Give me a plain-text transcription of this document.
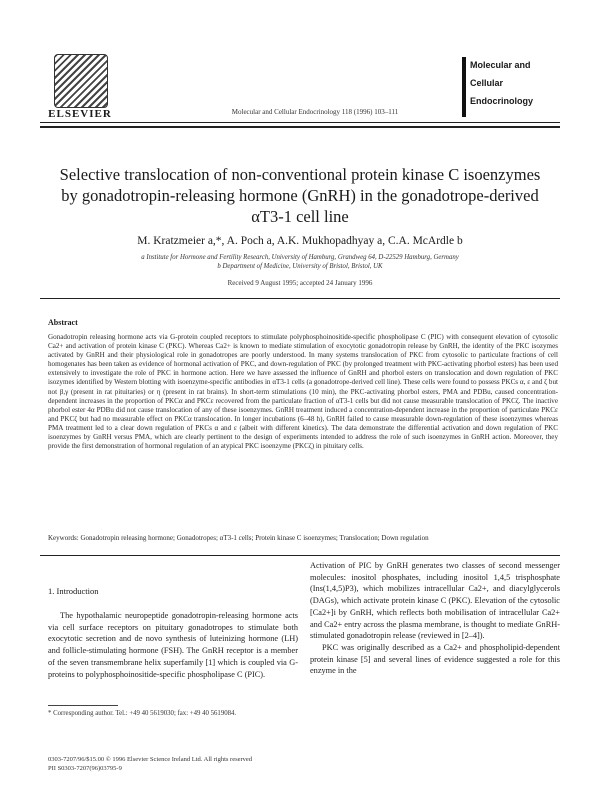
ELSEVIER	Molecular and Cellular Endocrinology 118 (1996) 103–111
Molecular and
Cellular
Endocrinology
Selective translocation of non-conventional protein kinase C isoenzymes by gonadotropin-releasing hormone (GnRH) in the gonadotrope-derived αT3-1 cell line
M. Kratzmeier a,*, A. Poch a, A.K. Mukhopadhyay a, C.A. McArdle b
a Institute for Hormone and Fertility Research, University of Hamburg, Grandweg 64, D-22529 Hamburg, Germany
b Department of Medicine, University of Bristol, Bristol, UK
Received 9 August 1995; accepted 24 January 1996
Abstract
Gonadotropin releasing hormone acts via G-protein coupled receptors to stimulate polyphosphoinositide-specific phospholipase C (PIC) with consequent elevation of cytosolic Ca2+ and activation of protein kinase C (PKC). Whereas Ca2+ is known to mediate stimulation of exocytotic gonadotropin release by GnRH, the identity of the PKC isozymes activated by GnRH and their physiological role in gonadotropes are poorly understood. In many systems translocation of PKC from cytosolic to particulate fractions of cell homogenates has been taken as evidence of hormonal activation of PKC, and down-regulation of PKC (by prolonged treatment with PKC-activating phorbol esters) has been used extensively to investigate the role of PKC in hormone action. Here we have assessed the influence of GnRH and phorbol esters on translocation and down regulation of PKC isozymes identified by Western blotting with isoenzyme-specific antibodies in αT3-1 cells (a gonadotrope-derived cell line). These cells were found to possess PKCs α, ε and ζ but not β,γ (present in rat pituitaries) or η (present in rat brains). In short-term stimulations (10 min), the PKC-activating phorbol esters, PMA and PDBu, caused concentration-dependent increases in the proportion of PKCα and PKCε recovered from the particulate fraction of αT3-1 cells but did not cause measurable translocation of PKCζ. The inactive phorbol ester 4α PDBu did not cause translocation of any of these isoenzymes. GnRH treatment induced a concentration-dependent increase in the proportion of particulate PKCε and PKCζ but had no measurable effect on PKCα translocation. In longer incubations (6–48 h), GnRH failed to cause measurable down-regulation of these isoenzymes whereas PMA treatment led to a clear down regulation of PKCs α and ε (albeit with different kinetics). The data demonstrate the differential activation and down regulation of PKC isoenzymes by GnRH versus PMA, which are clearly pertinent to the design of experiments intended to address the role of such isoenzymes in GnRH action. Moreover, they provide the first demonstration of hormonal regulation of an atypical PKC isoenzyme (PKCζ) in pituitary cells.
Keywords: Gonadotropin releasing hormone; Gonadotropes; αT3-1 cells; Protein kinase C isoenzymes; Translocation; Down regulation
1. Introduction

The hypothalamic neuropeptide gonadotropin-releasing hormone acts via cell surface receptors on pituitary gonadotropes to stimulate both exocytotic secretion and de novo synthesis of luteinizing hormone (LH) and follicle-stimulating hormone (FSH). The GnRH receptor is a member of the seven transmembrane helix superfamily [1] which is coupled via G-proteins to polyphosphoinositide-specific phospholipase C (PIC).

Activation of PIC by GnRH generates two classes of second messenger molecules: inositol phosphates, including inositol 1,4,5 trisphosphate (Ins(1,4,5)P3), which mobilizes intracellular Ca2+, and diacylglycerols (DAGs), which activate protein kinase C (PKC). Elevation of the cytosolic [Ca2+]i by GnRH, which reflects both mobilisation of intracellular Ca2+ and Ca2+ entry across the plasma membrane, is thought to mediate GnRH-stimulated gonadotropin release (reviewed in [2–4]).

PKC was originally described as a Ca2+ and phospholipid-dependent protein kinase [5] and several lines of evidence suggested a role for this enzyme in the

* Corresponding author. Tel.: +49 40 5619030; fax: +49 40 5619084.
0303-7207/96/$15.00 © 1996 Elsevier Science Ireland Ltd. All rights reserved
PII S0303-7207(96)03795-9
